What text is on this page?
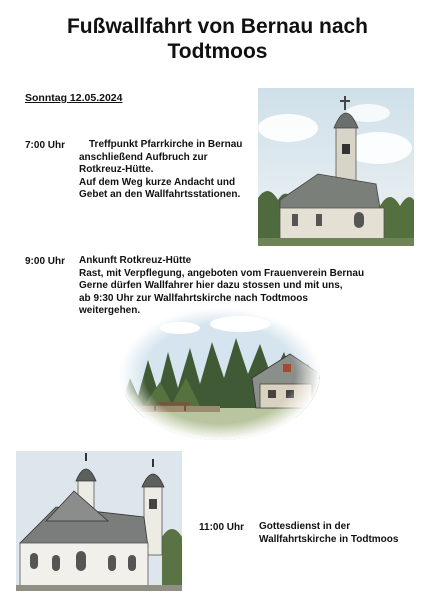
Fußwallfahrt von Bernau nach
Todtmoos
Sonntag 12.05.2024
7:00 Uhr Treffpunkt Pfarrkirche in Bernau
anschließend Aufbruch zur
Rotkreuz-Hütte.
Auf dem Weg kurze Andacht und
Gebet an den Wallfahrtsstationen.
9:00 Uhr Ankunft Rotkreuz-Hütte
Rast, mit Verpflegung, angeboten vom Frauenverein Bernau
Gerne dürfen Wallfahrer hier dazu stossen und mit uns,
ab 9:30 Uhr zur Wallfahrtskirche nach Todtmoos
weitergehen.
11:00 Uhr Gottesdienst in der
Wallfahrtskirche in Todtmoos
